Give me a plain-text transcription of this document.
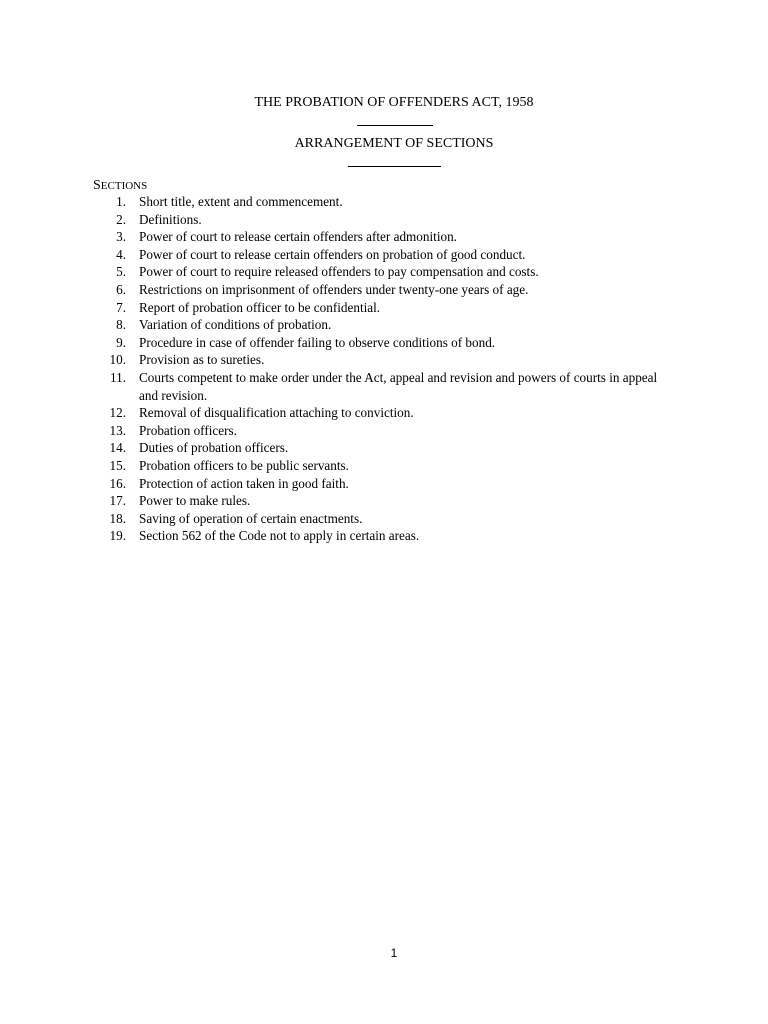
THE PROBATION OF OFFENDERS ACT, 1958
ARRANGEMENT OF SECTIONS
SECTIONS
1. Short title, extent and commencement.
2. Definitions.
3. Power of court to release certain offenders after admonition.
4. Power of court to release certain offenders on probation of good conduct.
5. Power of court to require released offenders to pay compensation and costs.
6. Restrictions on imprisonment of offenders under twenty-one years of age.
7. Report of probation officer to be confidential.
8. Variation of conditions of probation.
9. Procedure in case of offender failing to observe conditions of bond.
10. Provision as to sureties.
11. Courts competent to make order under the Act, appeal and revision and powers of courts in appeal and revision.
12. Removal of disqualification attaching to conviction.
13. Probation officers.
14. Duties of probation officers.
15. Probation officers to be public servants.
16. Protection of action taken in good faith.
17. Power to make rules.
18. Saving of operation of certain enactments.
19. Section 562 of the Code not to apply in certain areas.
1
